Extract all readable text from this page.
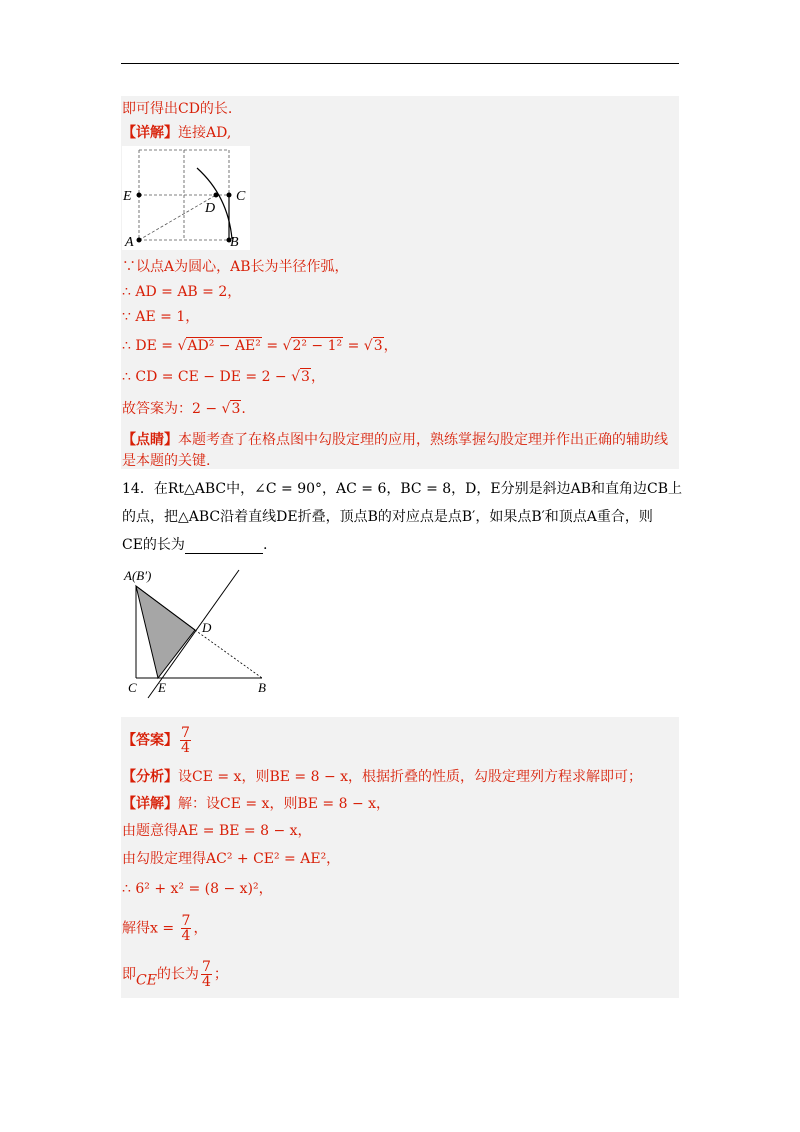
即可得出CD的长.
【详解】连接AD,
E	C
D
A	B
∵以点A为圆心，AB长为半径作弧，
∴ AD = AB = 2，
∵ AE = 1，
∴ DE = √AD² − AE² = √2² − 1² = √3，
∴ CD = CE − DE = 2 − √3，
故答案为：2 − √3.
【点睛】本题考查了在格点图中勾股定理的应用，熟练掌握勾股定理并作出正确的辅助线
是本题的关键.
14．在Rt△ABC中，∠C = 90°，AC = 6，BC = 8，D，E分别是斜边AB和直角边CB上
的点，把△ABC沿着直线DE折叠，顶点B的对应点是点B′，如果点B′和顶点A重合，则
CE的长为	.
A(B′)
D
C E	B
【答案】 $\frac{7}{4}$
【分析】设CE = x，则BE = 8 − x，根据折叠的性质，勾股定理列方程求解即可；
【详解】解：设CE = x，则BE = 8 − x，
由题意得AE = BE = 8 − x，
由勾股定理得AC² + CE² = AE²，
∴ 6² + x² = (8 − x)²，
解得$x = \frac{7}{4}$ ，
即CE的长为 $\frac{7}{4}$ ；
